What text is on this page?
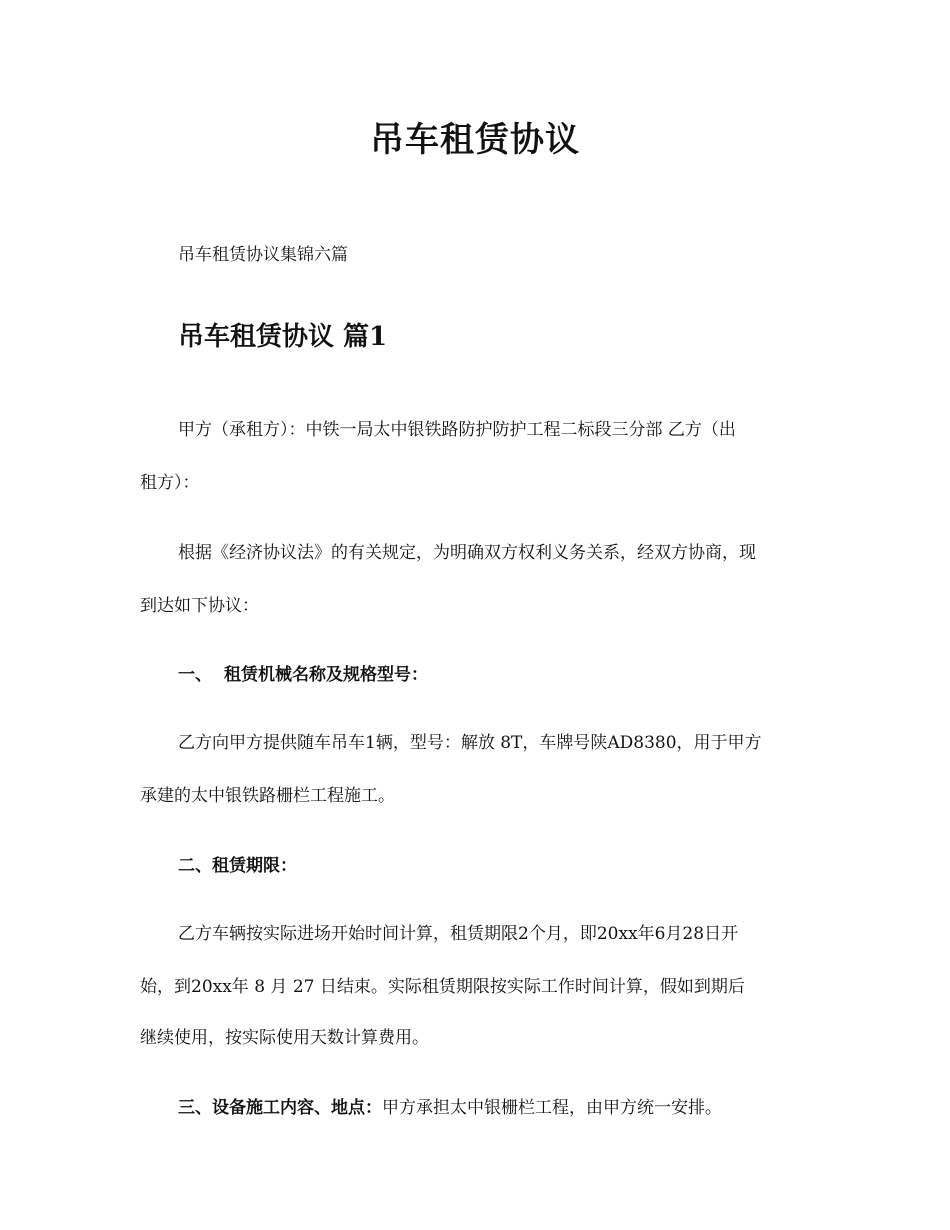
吊车租赁协议
吊车租赁协议集锦六篇
吊车租赁协议 篇1
甲方（承租方）：中铁一局太中银铁路防护防护工程二标段三分部 乙方（出
租方）：
根据《经济协议法》的有关规定，为明确双方权利义务关系，经双方协商，现
到达如下协议：
一、 租赁机械名称及规格型号：
乙方向甲方提供随车吊车1辆，型号：解放 8T，车牌号陕AD8380，用于甲方
承建的太中银铁路栅栏工程施工。
二、租赁期限：
乙方车辆按实际进场开始时间计算，租赁期限2个月，即20xx年6月28日开
始，到20xx年 8 月 27 日结束。实际租赁期限按实际工作时间计算，假如到期后
继续使用，按实际使用天数计算费用。
三、设备施工内容、地点：甲方承担太中银栅栏工程，由甲方统一安排。
